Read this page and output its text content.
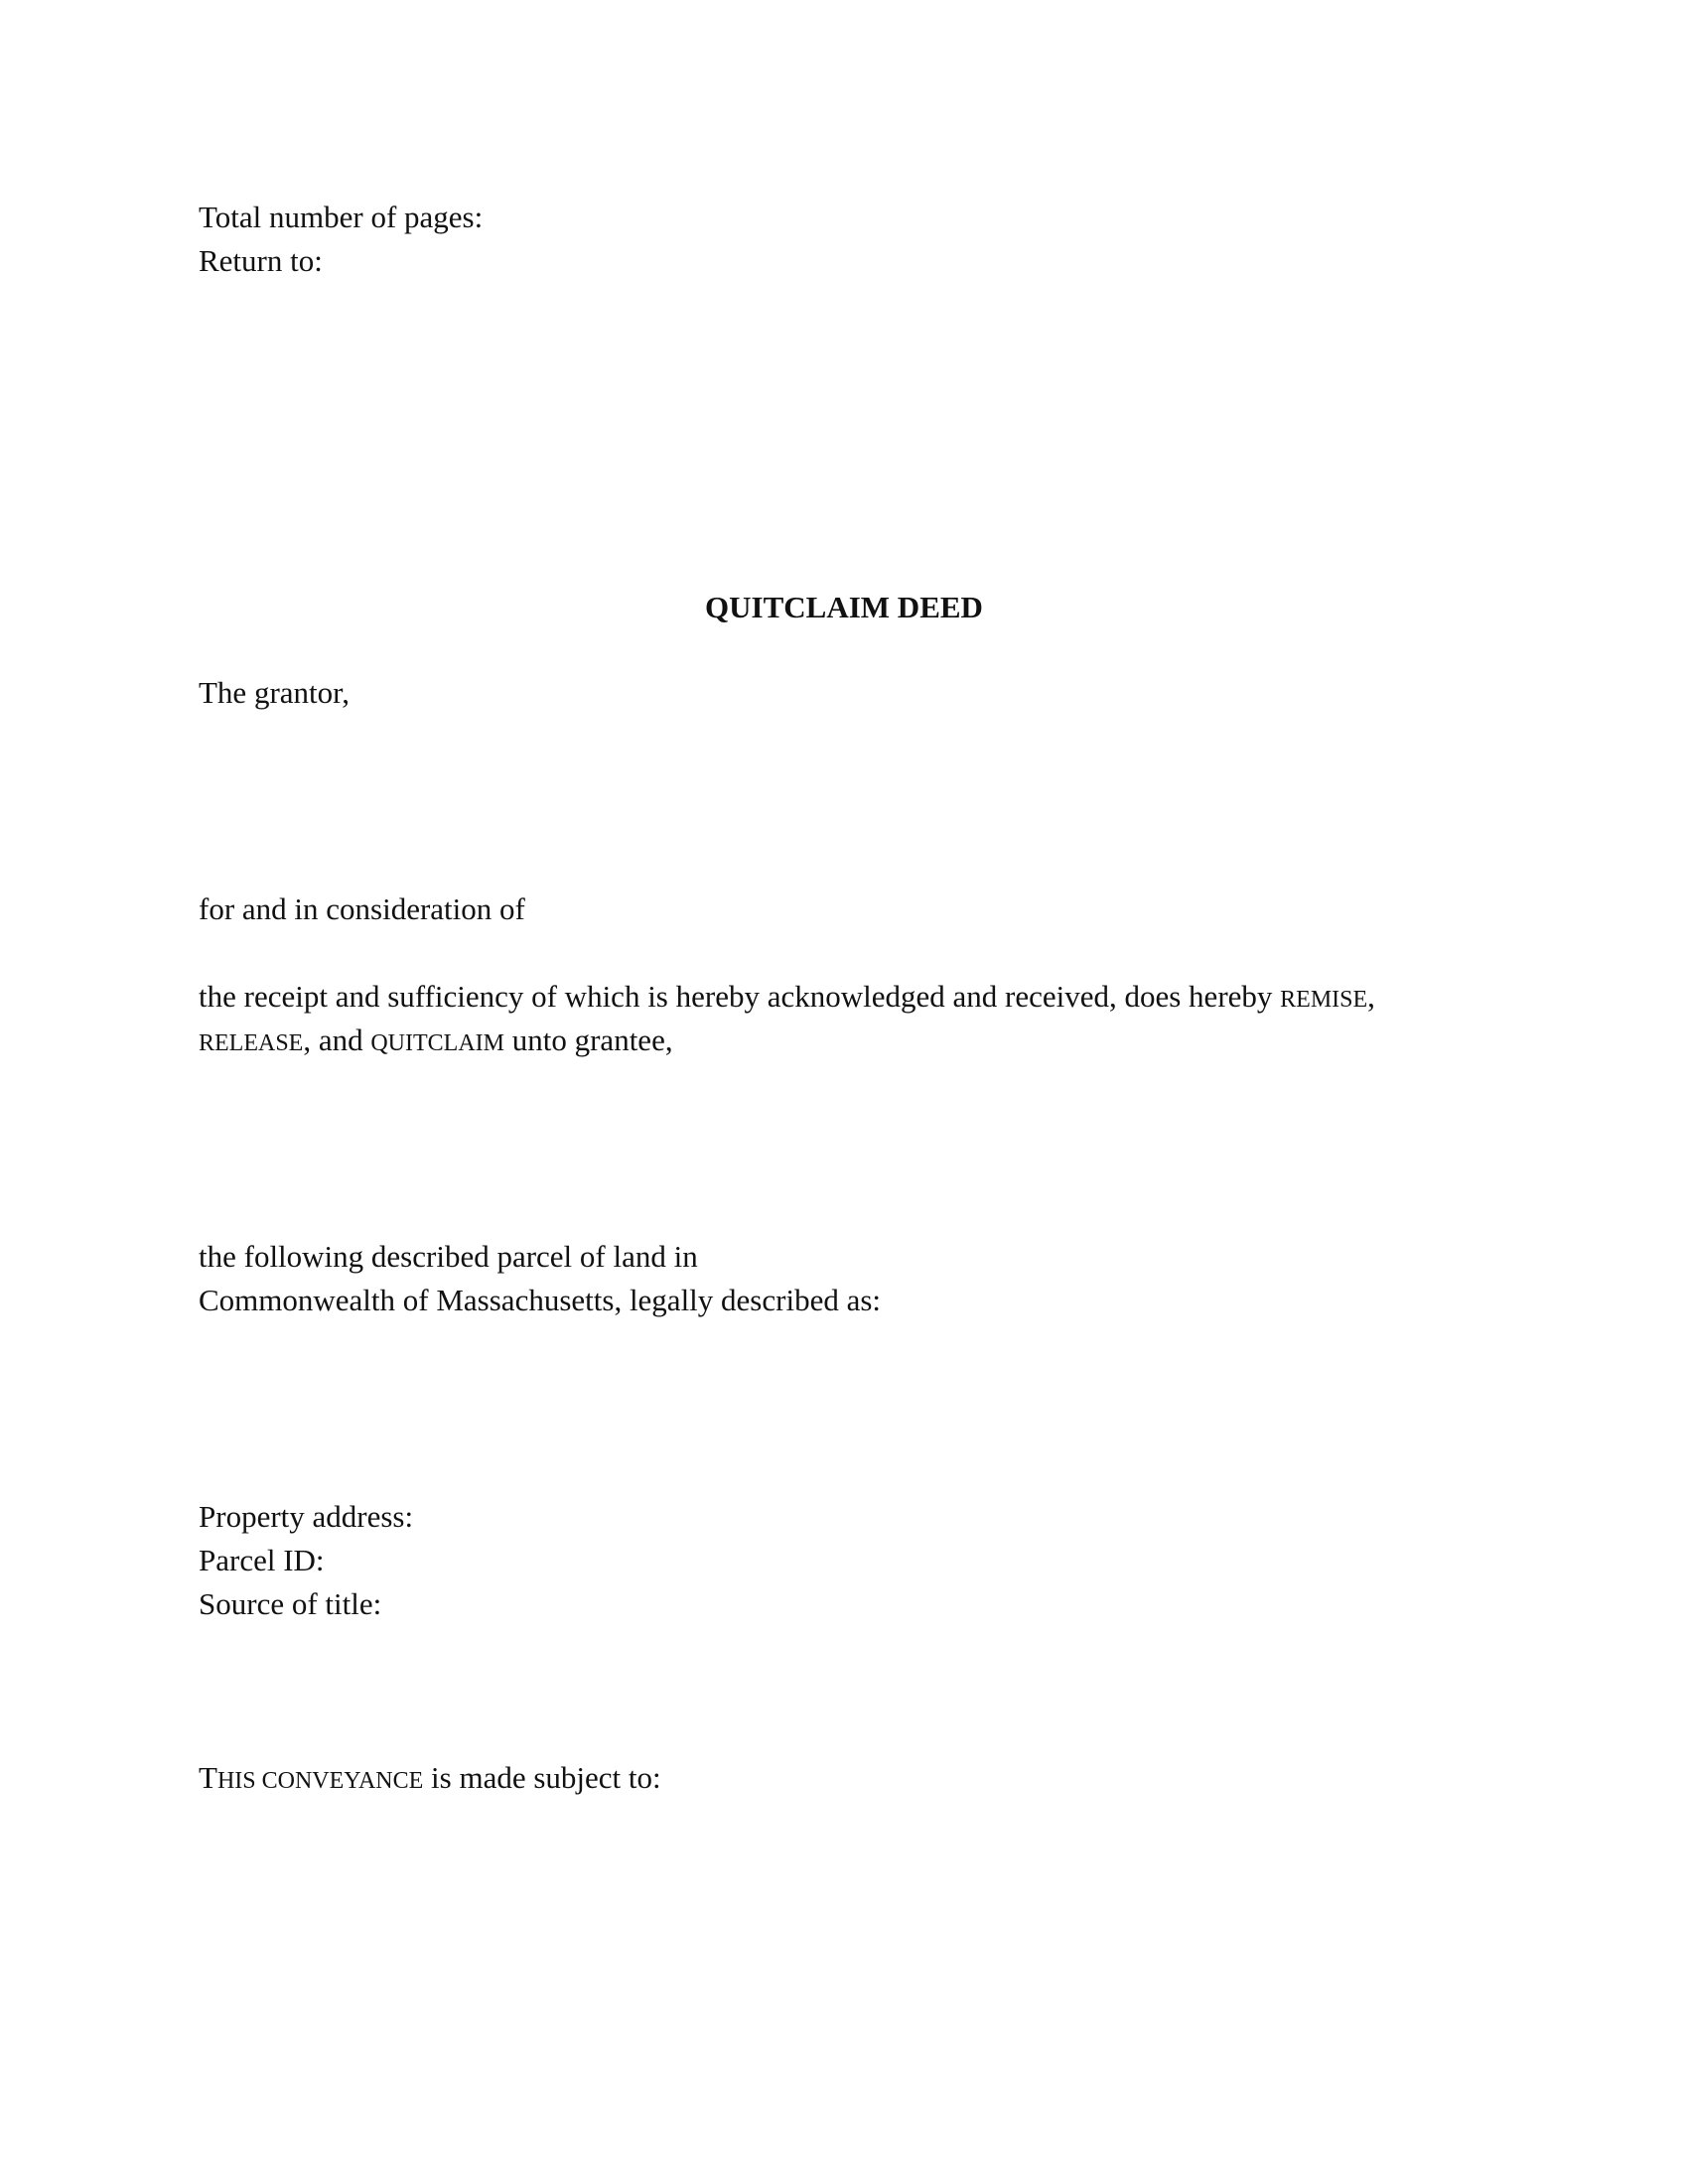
Total number of pages:
Return to:
QUITCLAIM DEED
The grantor,
for and in consideration of
the receipt and sufficiency of which is hereby acknowledged and received, does hereby REMISE,
RELEASE, and QUITCLAIM unto grantee,
the following described parcel of land in
Commonwealth of Massachusetts, legally described as:
Property address:
Parcel ID:
Source of title:
THIS CONVEYANCE is made subject to:
